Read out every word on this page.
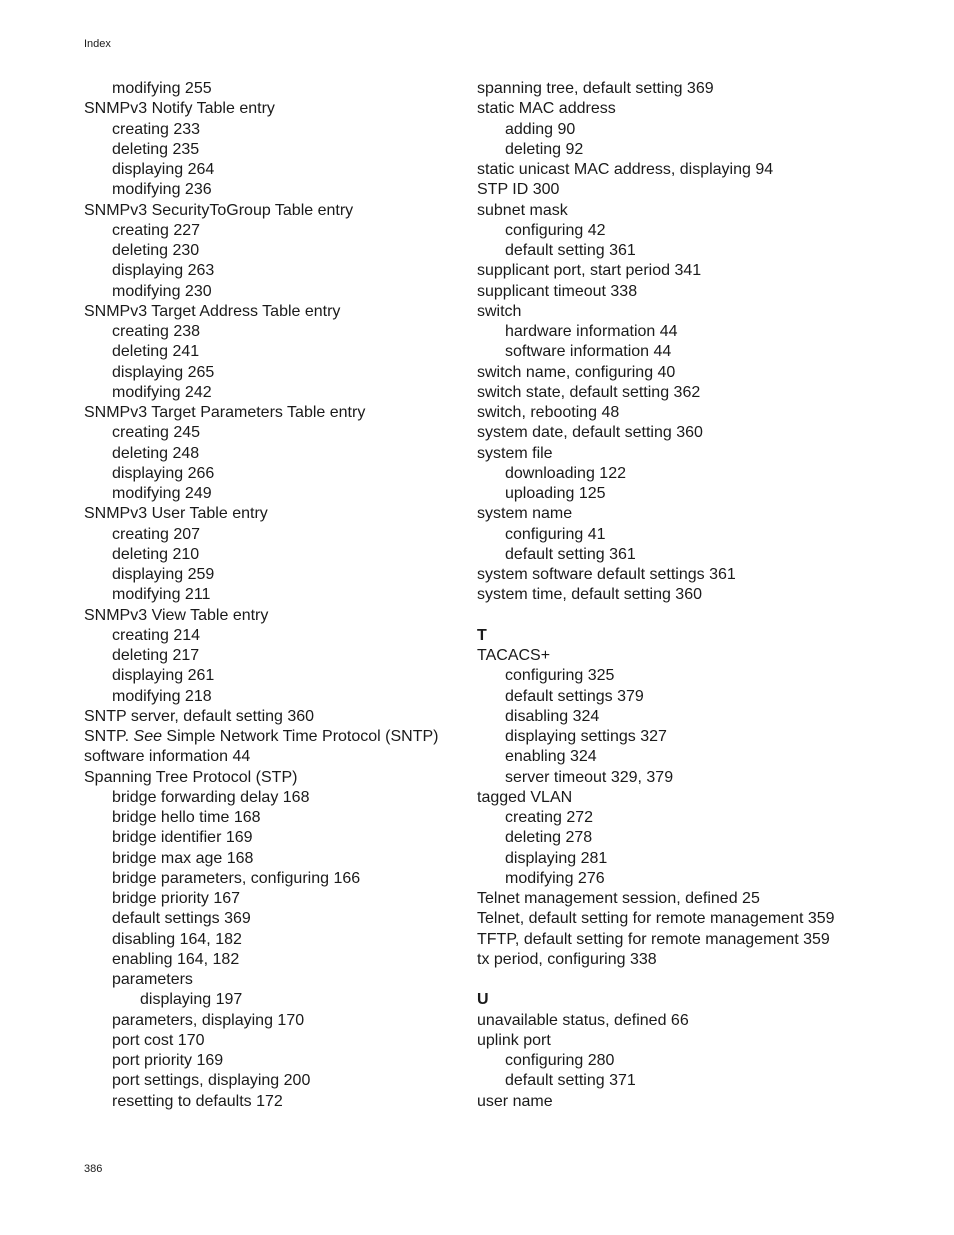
Index
modifying 255
SNMPv3 Notify Table entry
creating 233
deleting 235
displaying 264
modifying 236
SNMPv3 SecurityToGroup Table entry
creating 227
deleting 230
displaying 263
modifying 230
SNMPv3 Target Address Table entry
creating 238
deleting 241
displaying 265
modifying 242
SNMPv3 Target Parameters Table entry
creating 245
deleting 248
displaying 266
modifying 249
SNMPv3 User Table entry
creating 207
deleting 210
displaying 259
modifying 211
SNMPv3 View Table entry
creating 214
deleting 217
displaying 261
modifying 218
SNTP server, default setting 360
SNTP. See Simple Network Time Protocol (SNTP)
software information 44
Spanning Tree Protocol (STP)
bridge forwarding delay 168
bridge hello time 168
bridge identifier 169
bridge max age 168
bridge parameters, configuring 166
bridge priority 167
default settings 369
disabling 164, 182
enabling 164, 182
parameters
displaying 197
parameters, displaying 170
port cost 170
port priority 169
port settings, displaying 200
resetting to defaults 172
spanning tree, default setting 369
static MAC address
adding 90
deleting 92
static unicast MAC address, displaying 94
STP ID 300
subnet mask
configuring 42
default setting 361
supplicant port, start period 341
supplicant timeout 338
switch
hardware information 44
software information 44
switch name, configuring 40
switch state, default setting 362
switch, rebooting 48
system date, default setting 360
system file
downloading 122
uploading 125
system name
configuring 41
default setting 361
system software default settings 361
system time, default setting 360
T
TACACS+
configuring 325
default settings 379
disabling 324
displaying settings 327
enabling 324
server timeout 329, 379
tagged VLAN
creating 272
deleting 278
displaying 281
modifying 276
Telnet management session, defined 25
Telnet, default setting for remote management 359
TFTP, default setting for remote management 359
tx period, configuring 338
U
unavailable status, defined 66
uplink port
configuring 280
default setting 371
user name
386
